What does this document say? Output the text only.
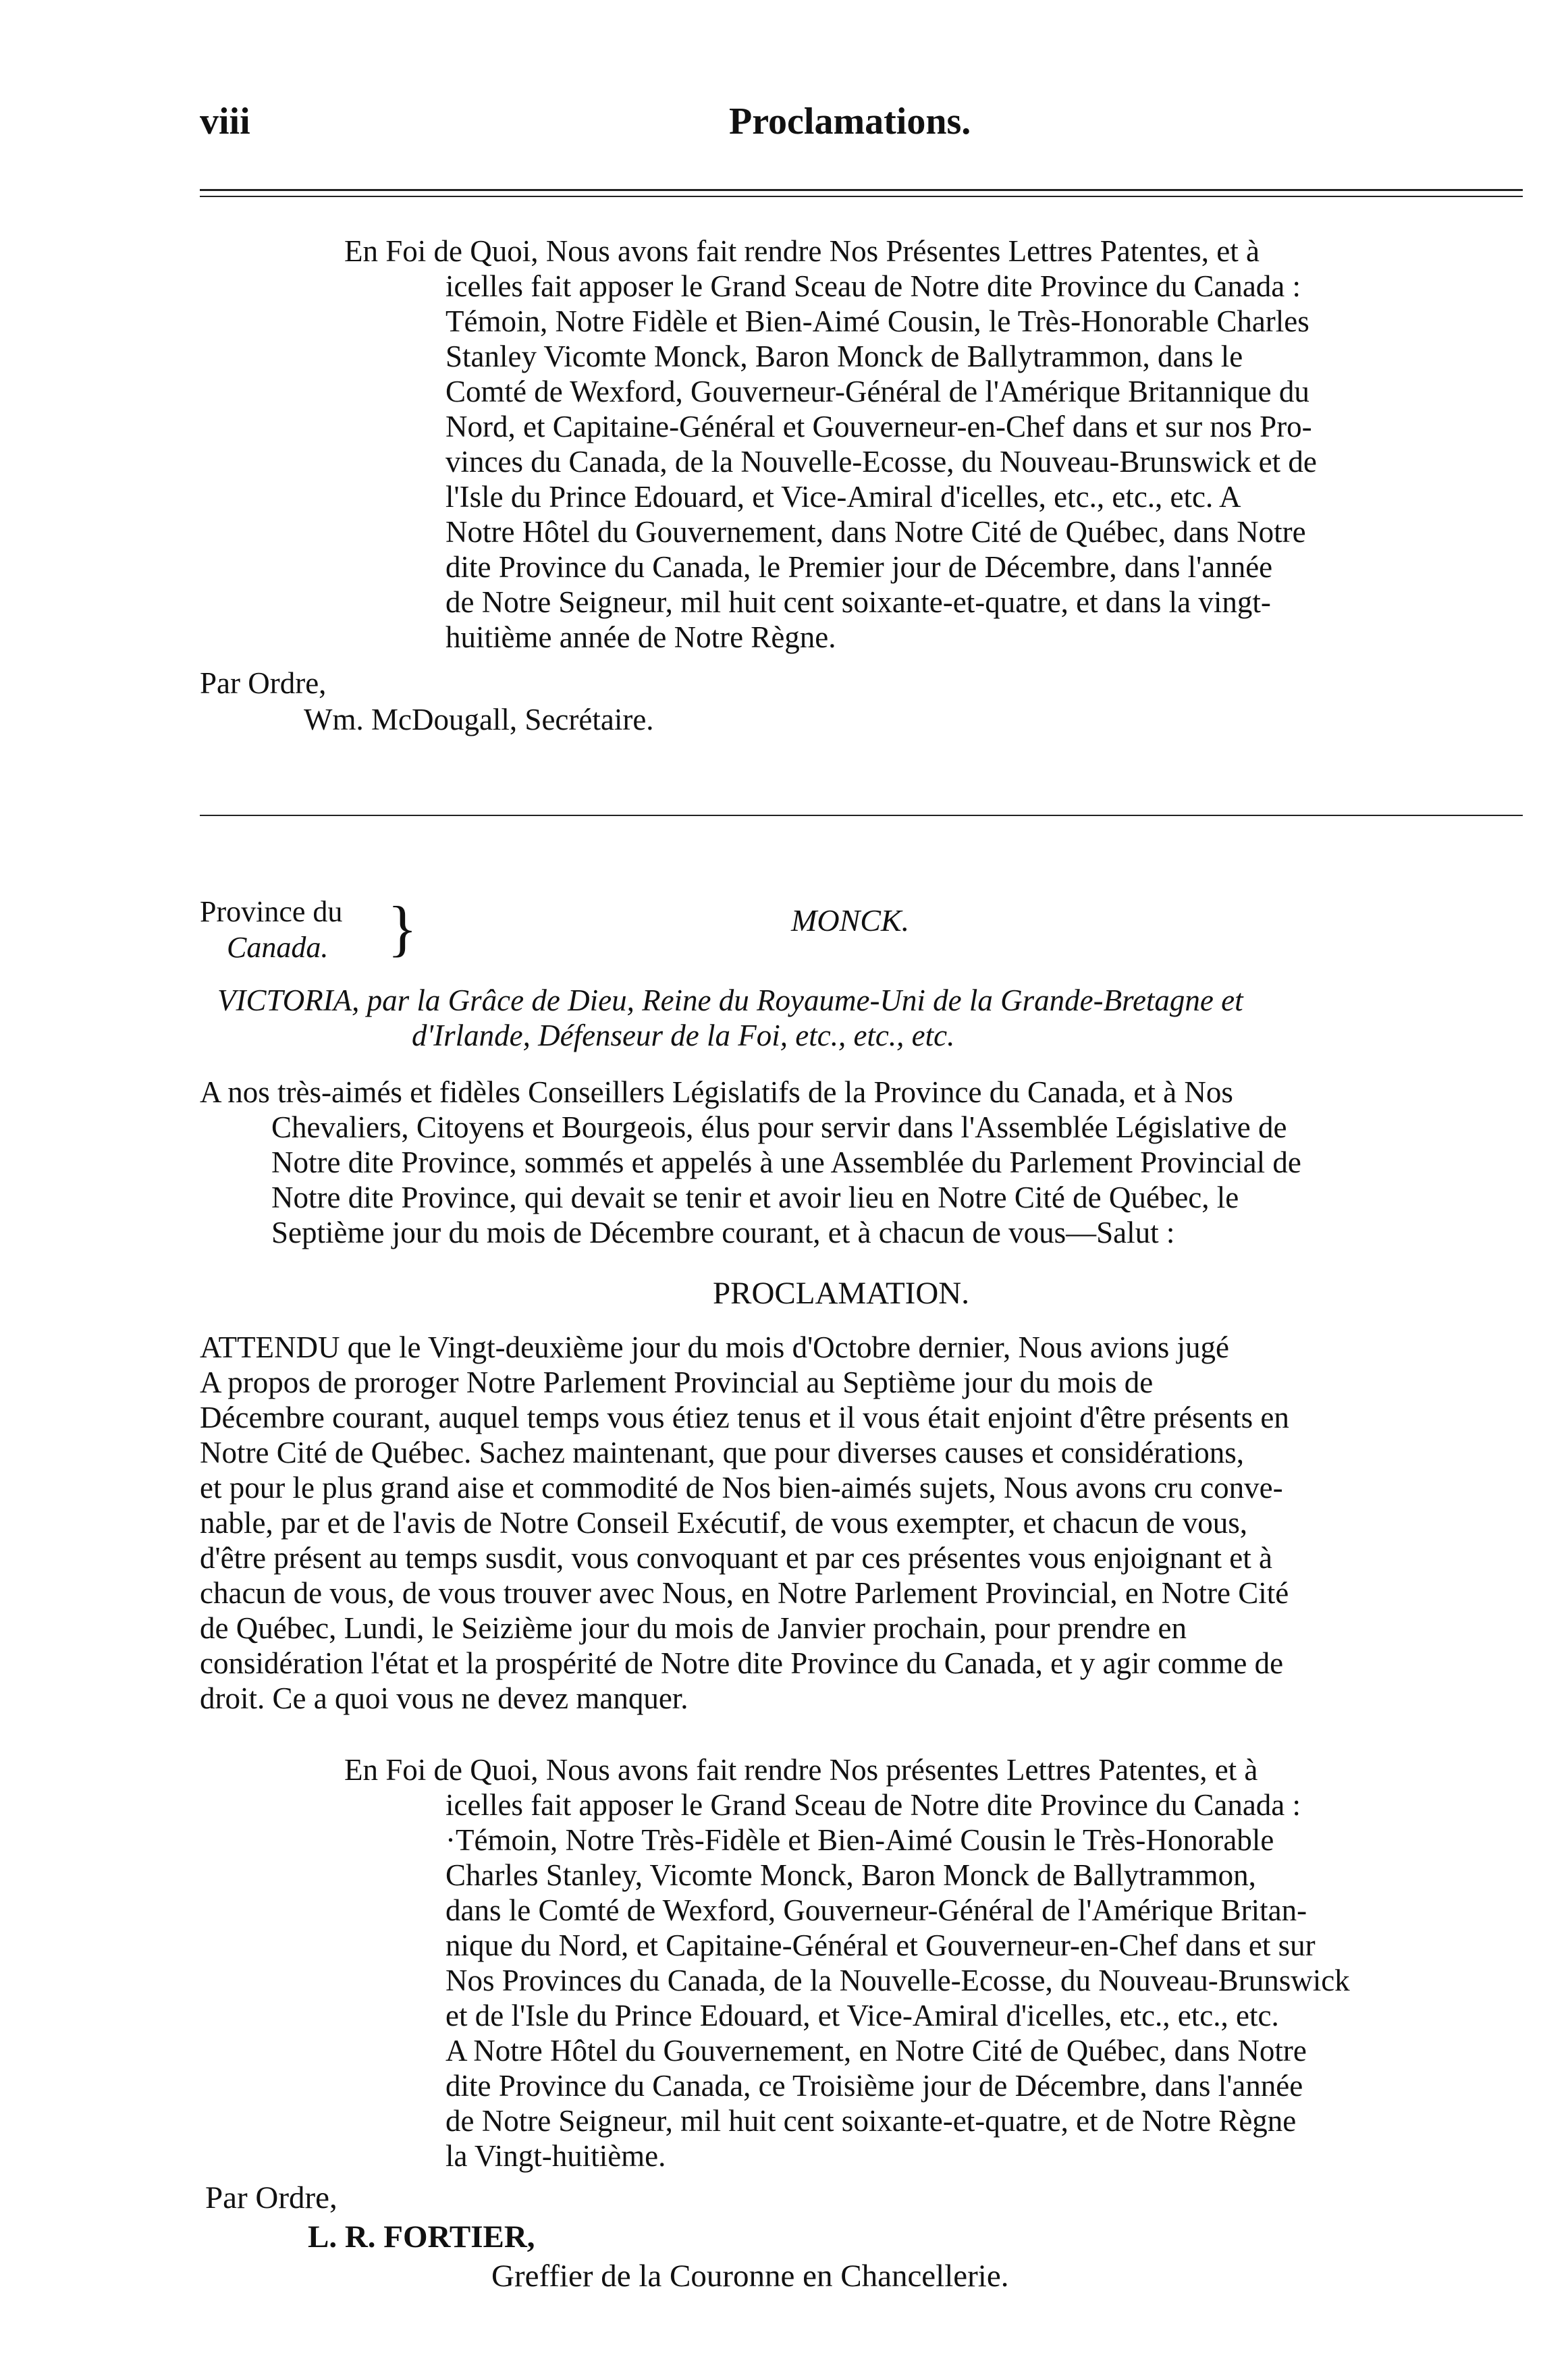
viii	Proclamations.
En Foi de Quoi, Nous avons fait rendre Nos Présentes Lettres Patentes, et à
icelles fait apposer le Grand Sceau de Notre dite Province du Canada :
Témoin, Notre Fidèle et Bien-Aimé Cousin, le Très-Honorable Charles
Stanley Vicomte Monck, Baron Monck de Ballytrammon, dans le
Comté de Wexford, Gouverneur-Général de l'Amérique Britannique du
Nord, et Capitaine-Général et Gouverneur-en-Chef dans et sur nos Pro-
vinces du Canada, de la Nouvelle-Ecosse, du Nouveau-Brunswick et de
l'Isle du Prince Edouard, et Vice-Amiral d'icelles, etc., etc., etc. A
Notre Hôtel du Gouvernement, dans Notre Cité de Québec, dans Notre
dite Province du Canada, le Premier jour de Décembre, dans l'année
de Notre Seigneur, mil huit cent soixante-et-quatre, et dans la vingt-
huitième année de Notre Règne.
Par Ordre,
Wm. McDougall, Secrétaire.
Province du
Canada. }	MONCK.
VICTORIA, par la Grâce de Dieu, Reine du Royaume-Uni de la Grande-Bretagne et
d'Irlande, Défenseur de la Foi, etc., etc., etc.
A nos très-aimés et fidèles Conseillers Législatifs de la Province du Canada, et à Nos
Chevaliers, Citoyens et Bourgeois, élus pour servir dans l'Assemblée Législative de
Notre dite Province, sommés et appelés à une Assemblée du Parlement Provincial de
Notre dite Province, qui devait se tenir et avoir lieu en Notre Cité de Québec, le
Septième jour du mois de Décembre courant, et à chacun de vous—Salut :
PROCLAMATION.
ATTENDU que le Vingt-deuxième jour du mois d'Octobre dernier, Nous avions jugé
A propos de proroger Notre Parlement Provincial au Septième jour du mois de
Décembre courant, auquel temps vous étiez tenus et il vous était enjoint d'être présents en
Notre Cité de Québec. Sachez maintenant, que pour diverses causes et considérations,
et pour le plus grand aise et commodité de Nos bien-aimés sujets, Nous avons cru conve-
nable, par et de l'avis de Notre Conseil Exécutif, de vous exempter, et chacun de vous,
d'être présent au temps susdit, vous convoquant et par ces présentes vous enjoignant et à
chacun de vous, de vous trouver avec Nous, en Notre Parlement Provincial, en Notre Cité
de Québec, Lundi, le Seizième jour du mois de Janvier prochain, pour prendre en
considération l'état et la prospérité de Notre dite Province du Canada, et y agir comme de
droit. Ce a quoi vous ne devez manquer.
En Foi de Quoi, Nous avons fait rendre Nos présentes Lettres Patentes, et à
icelles fait apposer le Grand Sceau de Notre dite Province du Canada :
·Témoin, Notre Très-Fidèle et Bien-Aimé Cousin le Très-Honorable
Charles Stanley, Vicomte Monck, Baron Monck de Ballytrammon,
dans le Comté de Wexford, Gouverneur-Général de l'Amérique Britan-
nique du Nord, et Capitaine-Général et Gouverneur-en-Chef dans et sur
Nos Provinces du Canada, de la Nouvelle-Ecosse, du Nouveau-Brunswick
et de l'Isle du Prince Edouard, et Vice-Amiral d'icelles, etc., etc., etc.
A Notre Hôtel du Gouvernement, en Notre Cité de Québec, dans Notre
dite Province du Canada, ce Troisième jour de Décembre, dans l'année
de Notre Seigneur, mil huit cent soixante-et-quatre, et de Notre Règne
la Vingt-huitième.
Par Ordre,
L. R. FORTIER,
Greffier de la Couronne en Chancellerie.
